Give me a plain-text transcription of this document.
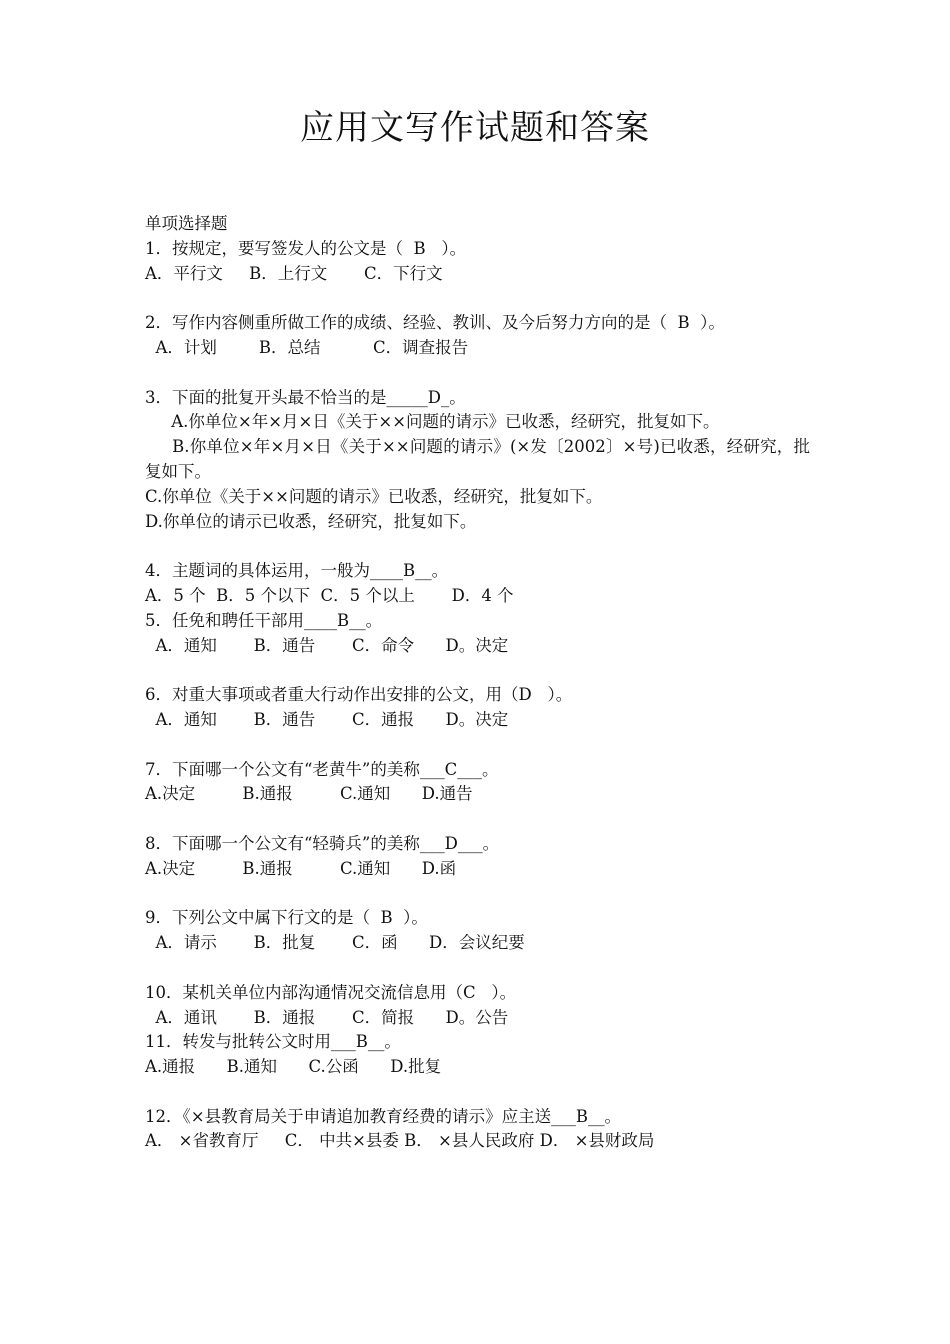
应用文写作试题和答案
单项选择题
1．按规定，要写签发人的公文是（  B   ）。
A．平行文     B．上行文       C．下行文
2．写作内容侧重所做工作的成绩、经验、教训、及今后努力方向的是（  B  ）。
A．计划        B．总结          C．调查报告
3．下面的批复开头最不恰当的是_____D_。
A.你单位×年×月×日《关于××问题的请示》已收悉，经研究，批复如下。
B.你单位×年×月×日《关于××问题的请示》(×发〔2002〕×号)已收悉，经研究，批复如下。
C.你单位《关于××问题的请示》已收悉，经研究，批复如下。
D.你单位的请示已收悉，经研究，批复如下。
4．主题词的具体运用，一般为____B__。
A．5 个  B．5 个以下  C．5 个以上       D．4 个
5．任免和聘任干部用____B__。
A．通知       B．通告       C．命令      D。决定
6．对重大事项或者重大行动作出安排的公文，用（D   ）。
A．通知       B．通告       C．通报      D。决定
7．下面哪一个公文有“老黄牛”的美称___C___。
A.决定         B.通报         C.通知      D.通告
8．下面哪一个公文有“轻骑兵”的美称___D___。
A.决定         B.通报         C.通知      D.函
9．下列公文中属下行文的是（  B  ）。
A．请示       B．批复       C．函      D．会议纪要
10．某机关单位内部沟通情况交流信息用（C   ）。
A．通讯       B．通报       C．简报      D。公告
11．转发与批转公文时用___B__。
A.通报      B.通知      C.公函      D.批复
12．《×县教育局关于申请追加教育经费的请示》应主送___B__。
A． ×省教育厅     C． 中共×县委 B． ×县人民政府 D． ×县财政局
